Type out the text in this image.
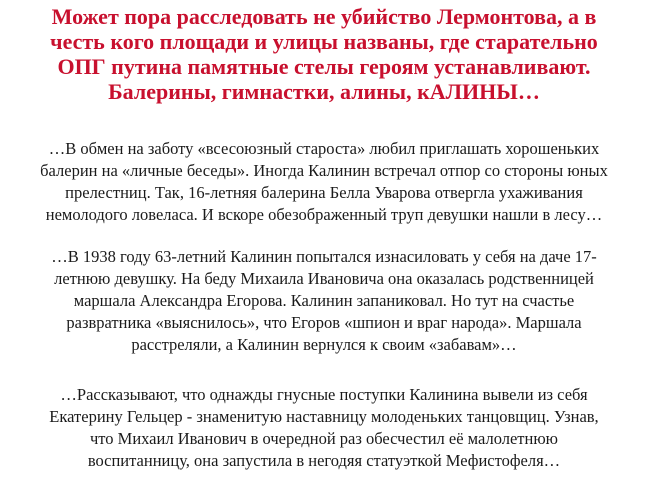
Может пора расследовать не убийство Лермонтова, а в
честь кого площади и улицы названы, где старательно
ОПГ путина памятные стелы героям устанавливают.
Балерины, гимнастки, алины, кАЛИНЫ…

…В обмен на заботу «всесоюзный староста» любил приглашать хорошеньких
балерин на «личные беседы». Иногда Калинин встречал отпор со стороны юных
прелестниц. Так, 16-летняя балерина Белла Уварова отвергла ухаживания
немолодого ловеласа. И вскоре обезображенный труп девушки нашли в лесу…

…В 1938 году 63-летний Калинин попытался изнасиловать у себя на даче 17-
летнюю девушку. На беду Михаила Ивановича она оказалась родственницей
маршала Александра Егорова. Калинин запаниковал. Но тут на счастье
развратника «выяснилось», что Егоров «шпион и враг народа». Маршала
расстреляли, а Калинин вернулся к своим «забавам»…

…Рассказывают, что однажды гнусные поступки Калинина вывели из себя
Екатерину Гельцер - знаменитую наставницу молоденьких танцовщиц. Узнав,
что Михаил Иванович в очередной раз обесчестил её малолетнюю
воспитанницу, она запустила в негодяя статуэткой Мефистофеля…
